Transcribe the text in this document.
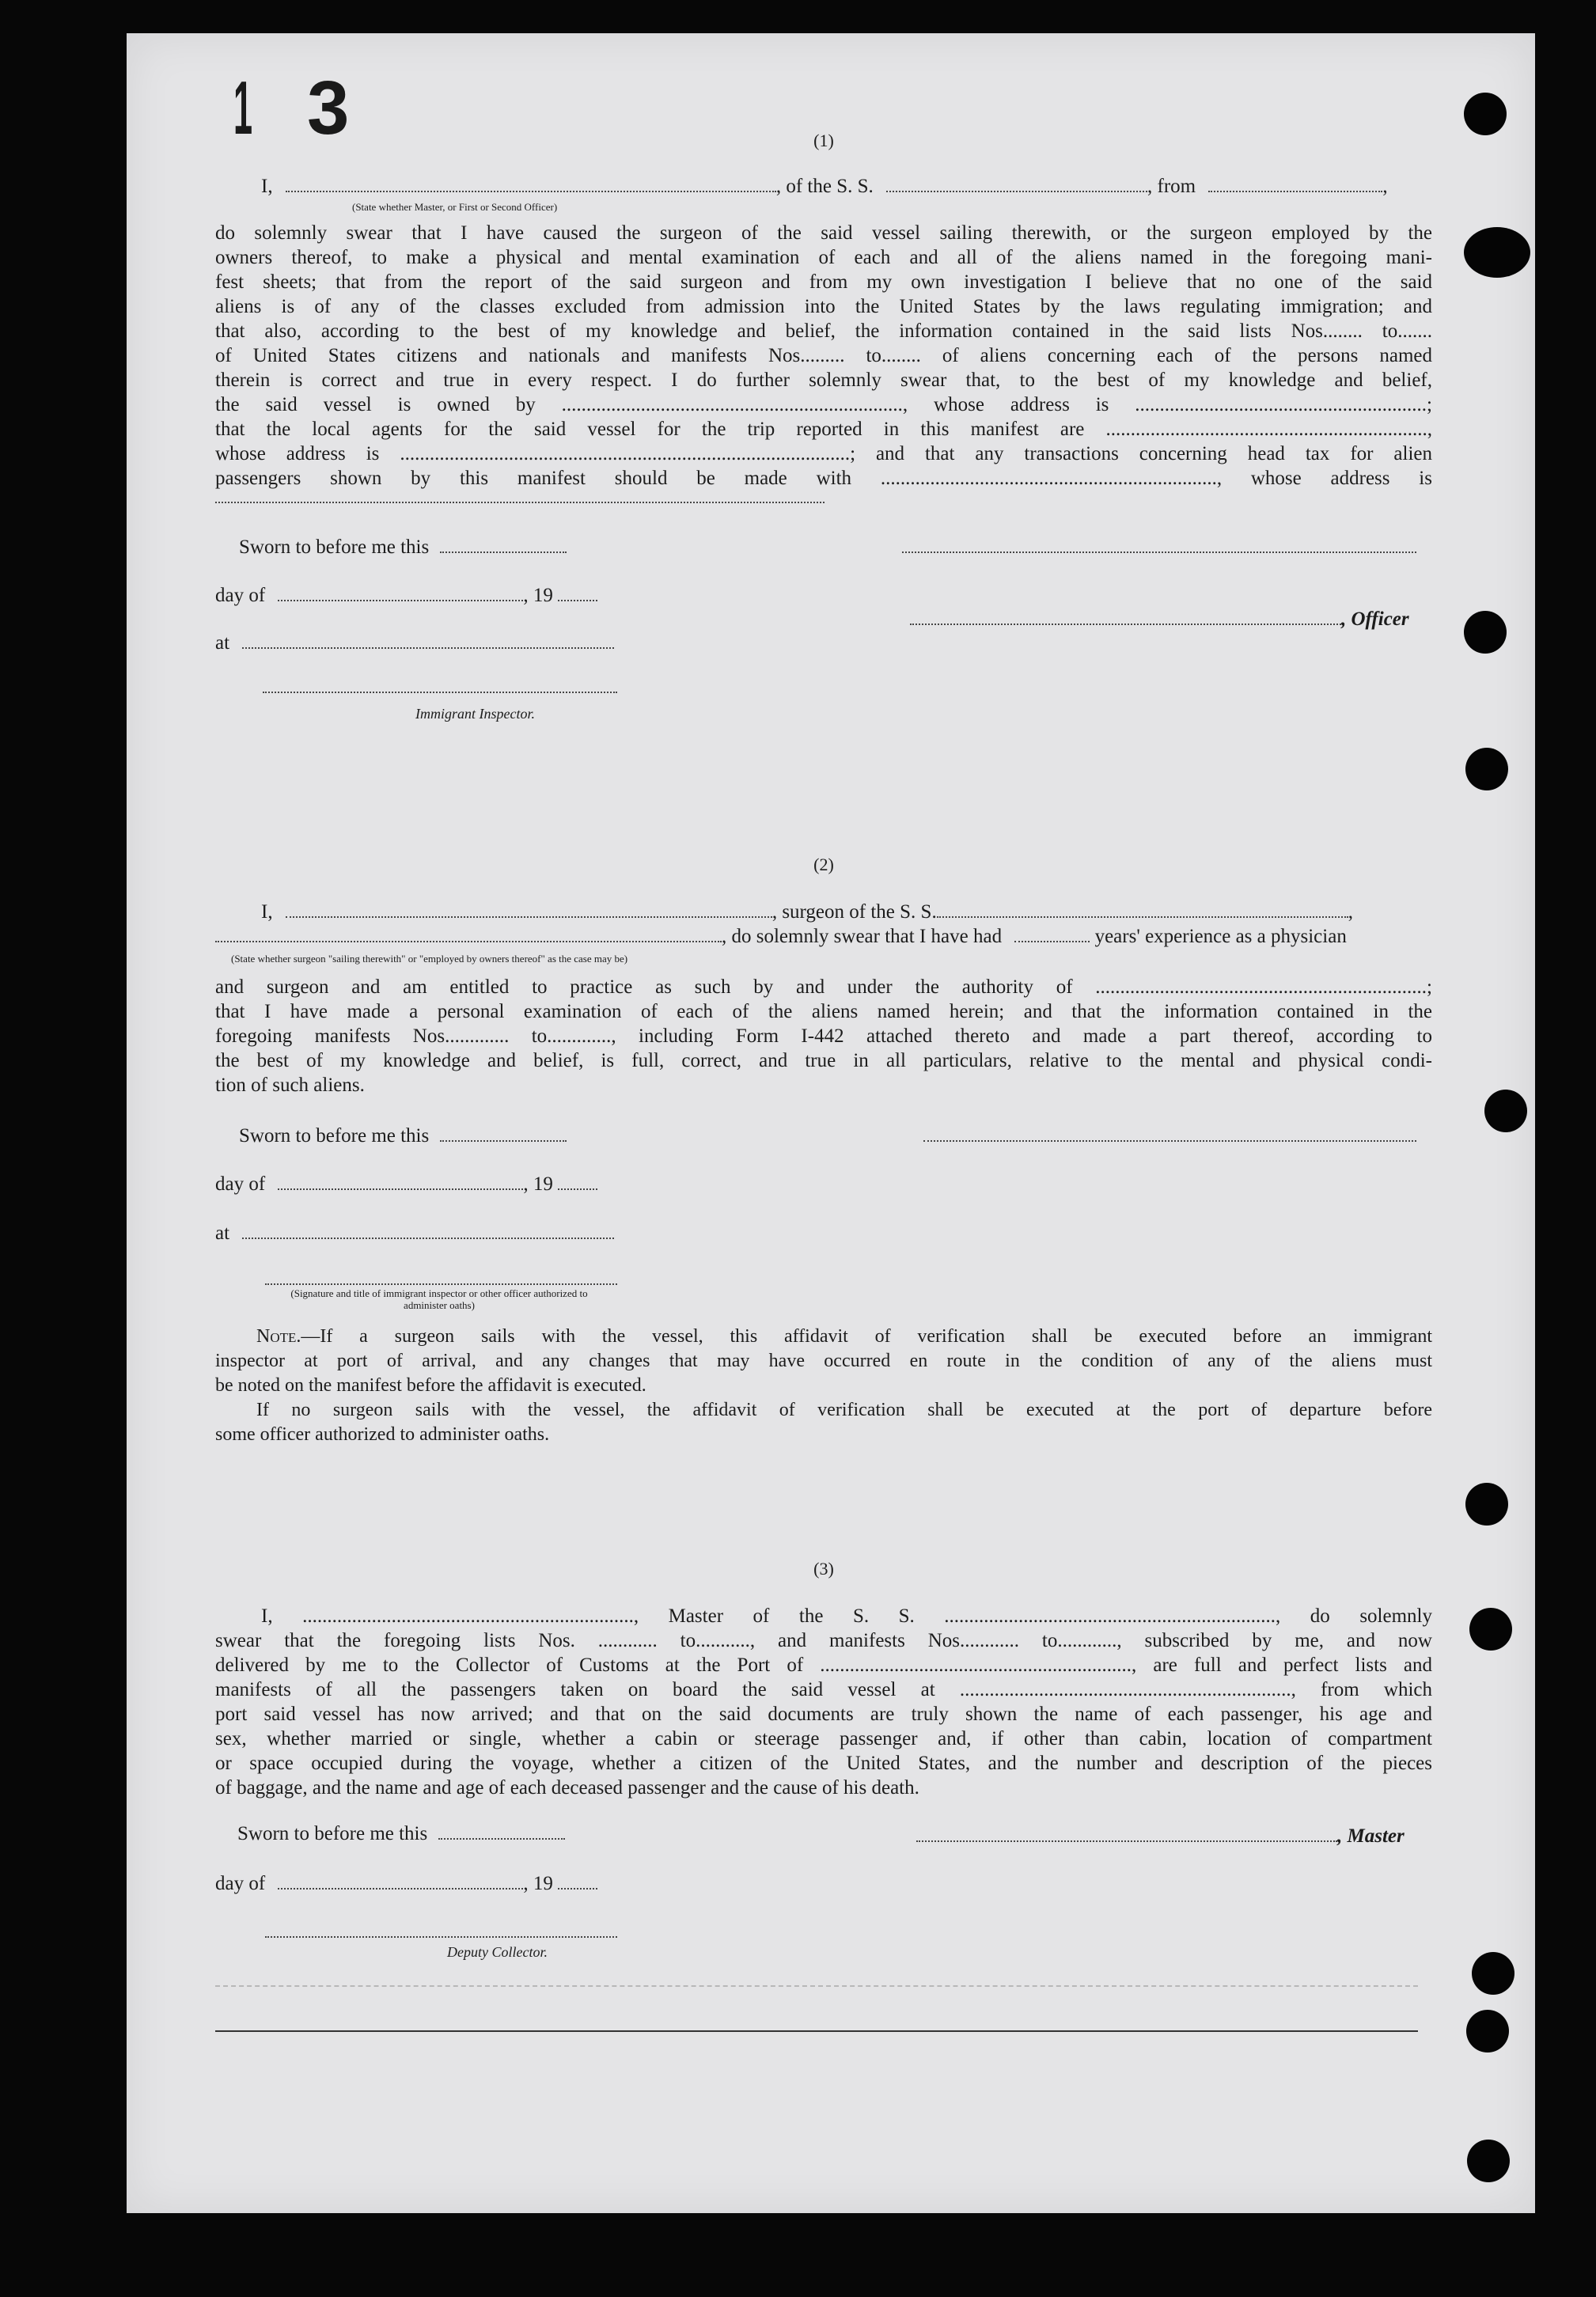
1 3	(1)
I,	, of the S. S.	, from	,
(State whether Master, or First or Second Officer)
do solemnly swear that I have caused the surgeon of the said vessel sailing therewith, or the surgeon employed by the
owners thereof, to make a physical and mental examination of each and all of the aliens named in the foregoing mani-
fest sheets; that from the report of the said surgeon and from my own investigation I believe that no one of the said
aliens is of any of the classes excluded from admission into the United States by the laws regulating immigration; and
that also, according to the best of my knowledge and belief, the information contained in the said lists Nos........ to.......
of United States citizens and nationals and manifests Nos......... to........ of aliens concerning each of the persons named
therein is correct and true in every respect. I do further solemnly swear that, to the best of my knowledge and belief,
the said vessel is owned by ....................................................................., whose address is ...........................................................;
that the local agents for the said vessel for the trip reported in this manifest are .................................................................,
whose address is ...........................................................................................; and that any transactions concerning head tax for alien
passengers shown by this manifest should be made with ...................................................................., whose address is
Sworn to before me this
day of	, 19
, Officer
at
Immigrant Inspector.
(2)
I,	, surgeon of the S. S.	,
, do solemnly swear that I have had	years' experience as a physician
(State whether surgeon "sailing therewith" or "employed by owners thereof" as the case may be)
and surgeon and am entitled to practice as such by and under the authority of ...................................................................;
that I have made a personal examination of each of the aliens named herein; and that the information contained in the
foregoing manifests Nos............. to............., including Form I-442 attached thereto and made a part thereof, according to
the best of my knowledge and belief, is full, correct, and true in all particulars, relative to the mental and physical condi-
tion of such aliens.
Sworn to before me this
day of	, 19
at
(Signature and title of immigrant inspector or other officer authorized to administer oaths)
Note.—If a surgeon sails with the vessel, this affidavit of verification shall be executed before an immigrant
inspector at port of arrival, and any changes that may have occurred en route in the condition of any of the aliens must
be noted on the manifest before the affidavit is executed.
If no surgeon sails with the vessel, the affidavit of verification shall be executed at the port of departure before
some officer authorized to administer oaths.
(3)
I, ..................................................................., Master of the S. S. ..................................................................., do solemnly
swear that the foregoing lists Nos. ............ to..........., and manifests Nos............ to............, subscribed by me, and now
delivered by me to the Collector of Customs at the Port of ..............................................................., are full and perfect lists and
manifests of all the passengers taken on board the said vessel at ..................................................................., from which
port said vessel has now arrived; and that on the said documents are truly shown the name of each passenger, his age and
sex, whether married or single, whether a cabin or steerage passenger and, if other than cabin, location of compartment
or space occupied during the voyage, whether a citizen of the United States, and the number and description of the pieces
of baggage, and the name and age of each deceased passenger and the cause of his death.
Sworn to before me this	, Master
day of	, 19
Deputy Collector.
